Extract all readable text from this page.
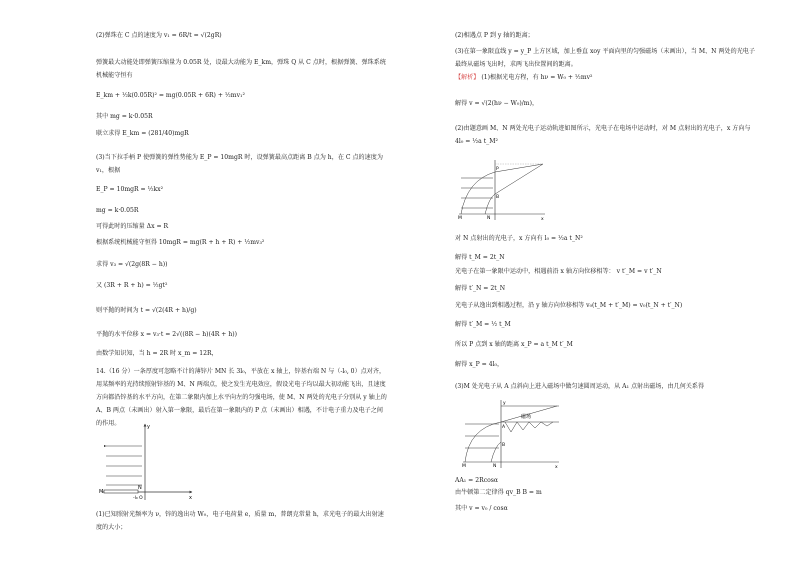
(2)弹珠在 C 点的速度为 v₁ = 6R/t = √(2gR)
弹簧最大动能处即弹簧压缩量为 0.05R 处，设最大动能为 E_km，弹珠 Q 从 C 点时，根据弹簧、弹珠系统机械能守恒有
E_km + ½k(0.05R)² = mg(0.05R + 6R) + ½mv₁²
其中 mg = k·0.05R
联立求得 E_km = (281/40)mgR
(3)当下拉手柄 P 使弹簧的弹性势能为 E_P = 10mgR 时，设弹簧最高点距离 B 点为 h，在 C 点的速度为 v₁，根据
E_P = 10mgR = ½kx²
mg = k·0.05R
可得此时的压缩量 Δx = R
根据系统机械能守恒得 10mgR = mg(R + h + R) + ½mv₃²
求得 v₃ = √(2g(8R − h))
又 (3R + R + h) = ½gt²
则平抛的时间为 t = √(2(4R + h)/g)
平抛的水平位移 x = v₃·t = 2√((8R − h)(4R + h))
由数学知识知，当 h = 2R 时 x_m = 12R，
14.（16 分）一条厚度可忽略不计的薄锌片 MN 长 3l₀，平放在 x 轴上，锌基右端 N 与（-l₀, 0）点对齐，用某频率的光持续照射锌基的 M、N 两端点，使之发生光电效应，假设光电子均以最大初动能飞出，且速度方向都沿锌基的水平方向，在第二象限内加上水平向左的匀强电场，使 M、N 两处的光电子分别从 y 轴上的 A、B 两点（未画出）射入第一象限，最后在第一象限内的 P 点（未画出）相遇，不计电子重力及电子之间的作用。
M
N
-l₀ O	x
y
(1)已知照射光频率为 ν，锌的逸出功 W₀，电子电荷量 e，质量 m，普朗克常量 h，求光电子的最大出射速度的大小；
(2)相遇点 P 到 y 轴的距离；
(3)在第一象限直线 y = y_P 上方区域，加上垂直 xoy 平面向里的匀强磁场（未画出），当 M、N 两处的光电子最终从磁场飞出时，求两飞出位置间的距离。
【解析】 (1)根据光电方程，有 hν = W₀ + ½mv²
解得 v = √(2(hν − W₀)/m)，
(2)由题意画 M、N 两处光电子运动轨迹如图所示，光电子在电场中运动时，对 M 点射出的光电子，x 方向与 4l₀ = ½a t_M²
P
B
M	N	x
对 N 点射出的光电子，x 方向有 l₀ = ½a t_N²
解得 t_M = 2t_N
光电子在第一象限中运动中，相遇前沿 x 轴方向位移相等： v t′_M = v t′_N
解得 t′_N = 2t_N
光电子从逸出到相遇过程，沿 y 轴方向位移相等 v₀(t_M + t′_M) = v₀(t_N + t′_N)
解得 t′_M = ½ t_M
所以 P 点到 x 轴的距离 x_P = a t_M t′_M
解得 x_P = 4l₀，
(3)M 处光电子从 A 点斜向上进入磁场中做匀速圆周运动，从 A₁ 点射出磁场，由几何关系得
磁场
A
B
M	N	x
y
AA₁ = 2Rcosα
由牛顿第二定律得 qv_B B = m
其中 v = v₀ / cosα
